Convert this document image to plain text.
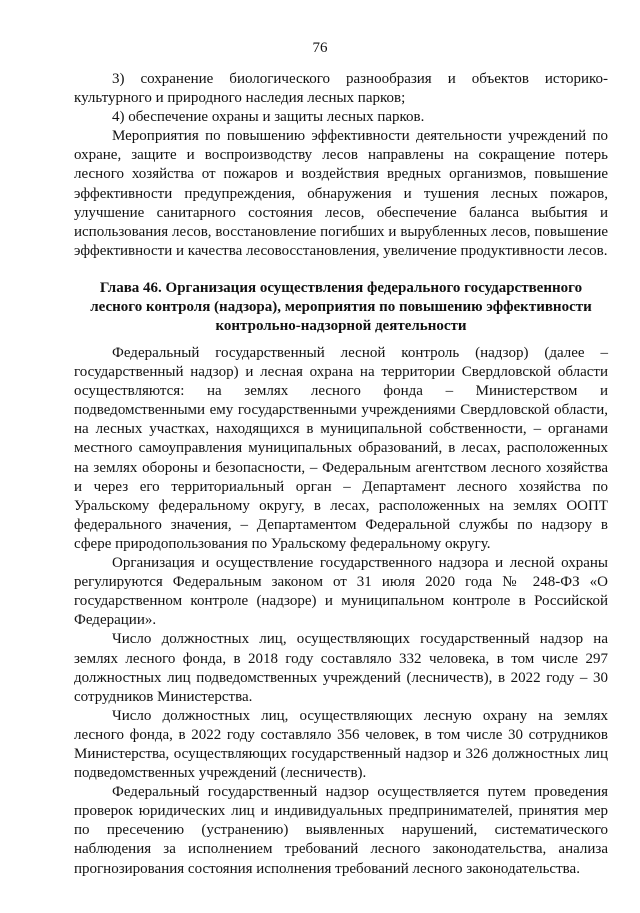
76

3) сохранение биологического разнообразия и объектов историко-культурного и природного наследия лесных парков;

4) обеспечение охраны и защиты лесных парков.

Мероприятия по повышению эффективности деятельности учреждений по охране, защите и воспроизводству лесов направлены на сокращение потерь лесного хозяйства от пожаров и воздействия вредных организмов, повышение эффективности предупреждения, обнаружения и тушения лесных пожаров, улучшение санитарного состояния лесов, обеспечение баланса выбытия и использования лесов, восстановление погибших и вырубленных лесов, повышение эффективности и качества лесовосстановления, увеличение продуктивности лесов.

Глава 46. Организация осуществления федерального государственного лесного контроля (надзора), мероприятия по повышению эффективности контрольно-надзорной деятельности

Федеральный государственный лесной контроль (надзор) (далее – государственный надзор) и лесная охрана на территории Свердловской области осуществляются: на землях лесного фонда – Министерством и подведомственными ему государственными учреждениями Свердловской области, на лесных участках, находящихся в муниципальной собственности, – органами местного самоуправления муниципальных образований, в лесах, расположенных на землях обороны и безопасности, – Федеральным агентством лесного хозяйства и через его территориальный орган – Департамент лесного хозяйства по Уральскому федеральному округу, в лесах, расположенных на землях ООПТ федерального значения, – Департаментом Федеральной службы по надзору в сфере природопользования по Уральскому федеральному округу.

Организация и осуществление государственного надзора и лесной охраны регулируются Федеральным законом от 31 июля 2020 года № 248-ФЗ «О государственном контроле (надзоре) и муниципальном контроле в Российской Федерации».

Число должностных лиц, осуществляющих государственный надзор на землях лесного фонда, в 2018 году составляло 332 человека, в том числе 297 должностных лиц подведомственных учреждений (лесничеств), в 2022 году – 30 сотрудников Министерства.

Число должностных лиц, осуществляющих лесную охрану на землях лесного фонда, в 2022 году составляло 356 человек, в том числе 30 сотрудников Министерства, осуществляющих государственный надзор и 326 должностных лиц подведомственных учреждений (лесничеств).

Федеральный государственный надзор осуществляется путем проведения проверок юридических лиц и индивидуальных предпринимателей, принятия мер по пресечению (устранению) выявленных нарушений, систематического наблюдения за исполнением требований лесного законодательства, анализа прогнозирования состояния исполнения требований лесного законодательства.
